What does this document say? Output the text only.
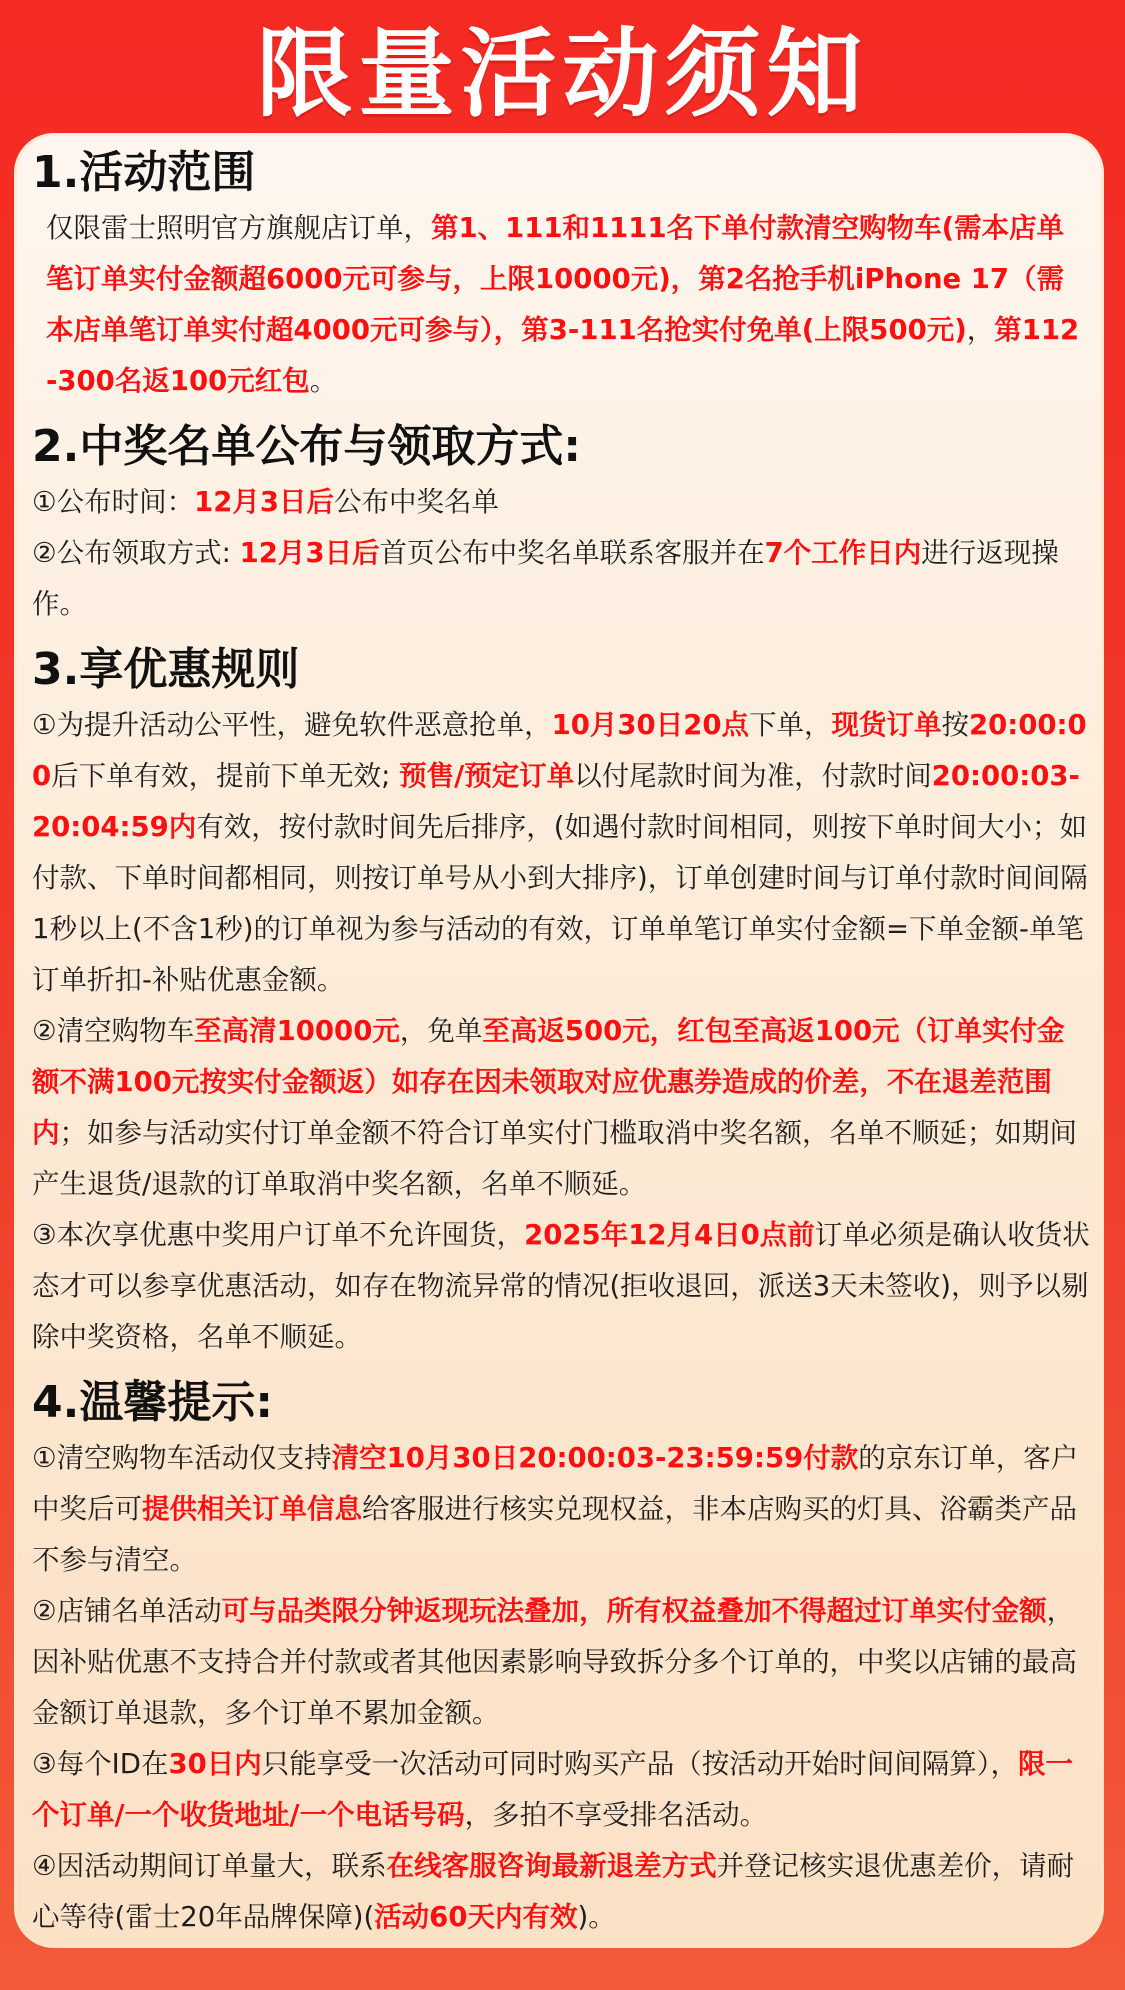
限量活动须知
1.活动范围

仅限雷士照明官方旗舰店订单，第1、111和1111名下单付款清空购物车(需本店单笔订单实付金额超6000元可参与，上限10000元)，第2名抢手机iPhone 17（需本店单笔订单实付超4000元可参与），第3-111名抢实付免单(上限500元)，第112-300名返100元红包。

2.中奖名单公布与领取方式:

①公布时间：12月3日后公布中奖名单

②公布领取方式: 12月3日后首页公布中奖名单联系客服并在7个工作日内进行返现操作。

3.享优惠规则

①为提升活动公平性，避免软件恶意抢单，10月30日20点下单，现货订单按20:00:00后下单有效，提前下单无效; 预售/预定订单以付尾款时间为准，付款时间20:00:03-20:04:59内有效，按付款时间先后排序，(如遇付款时间相同，则按下单时间大小；如付款、下单时间都相同，则按订单号从小到大排序)，订单创建时间与订单付款时间间隔1秒以上(不含1秒)的订单视为参与活动的有效，订单单笔订单实付金额=下单金额-单笔订单折扣-补贴优惠金额。

②清空购物车至高清10000元，免单至高返500元，红包至高返100元（订单实付金额不满100元按实付金额返）如存在因未领取对应优惠券造成的价差，不在退差范围内；如参与活动实付订单金额不符合订单实付门槛取消中奖名额，名单不顺延；如期间产生退货/退款的订单取消中奖名额，名单不顺延。

③本次享优惠中奖用户订单不允许囤货，2025年12月4日0点前订单必须是确认收货状态才可以参享优惠活动，如存在物流异常的情况(拒收退回，派送3天未签收)，则予以剔除中奖资格，名单不顺延。

4.温馨提示:

①清空购物车活动仅支持清空10月30日20:00:03-23:59:59付款的京东订单，客户中奖后可提供相关订单信息给客服进行核实兑现权益，非本店购买的灯具、浴霸类产品不参与清空。

②店铺名单活动可与品类限分钟返现玩法叠加，所有权益叠加不得超过订单实付金额，因补贴优惠不支持合并付款或者其他因素影响导致拆分多个订单的，中奖以店铺的最高金额订单退款，多个订单不累加金额。

③每个ID在30日内只能享受一次活动可同时购买产品（按活动开始时间间隔算），限一个订单/一个收货地址/一个电话号码，多拍不享受排名活动。

④因活动期间订单量大，联系在线客服咨询最新退差方式并登记核实退优惠差价，请耐心等待(雷士20年品牌保障)(活动60天内有效)。
